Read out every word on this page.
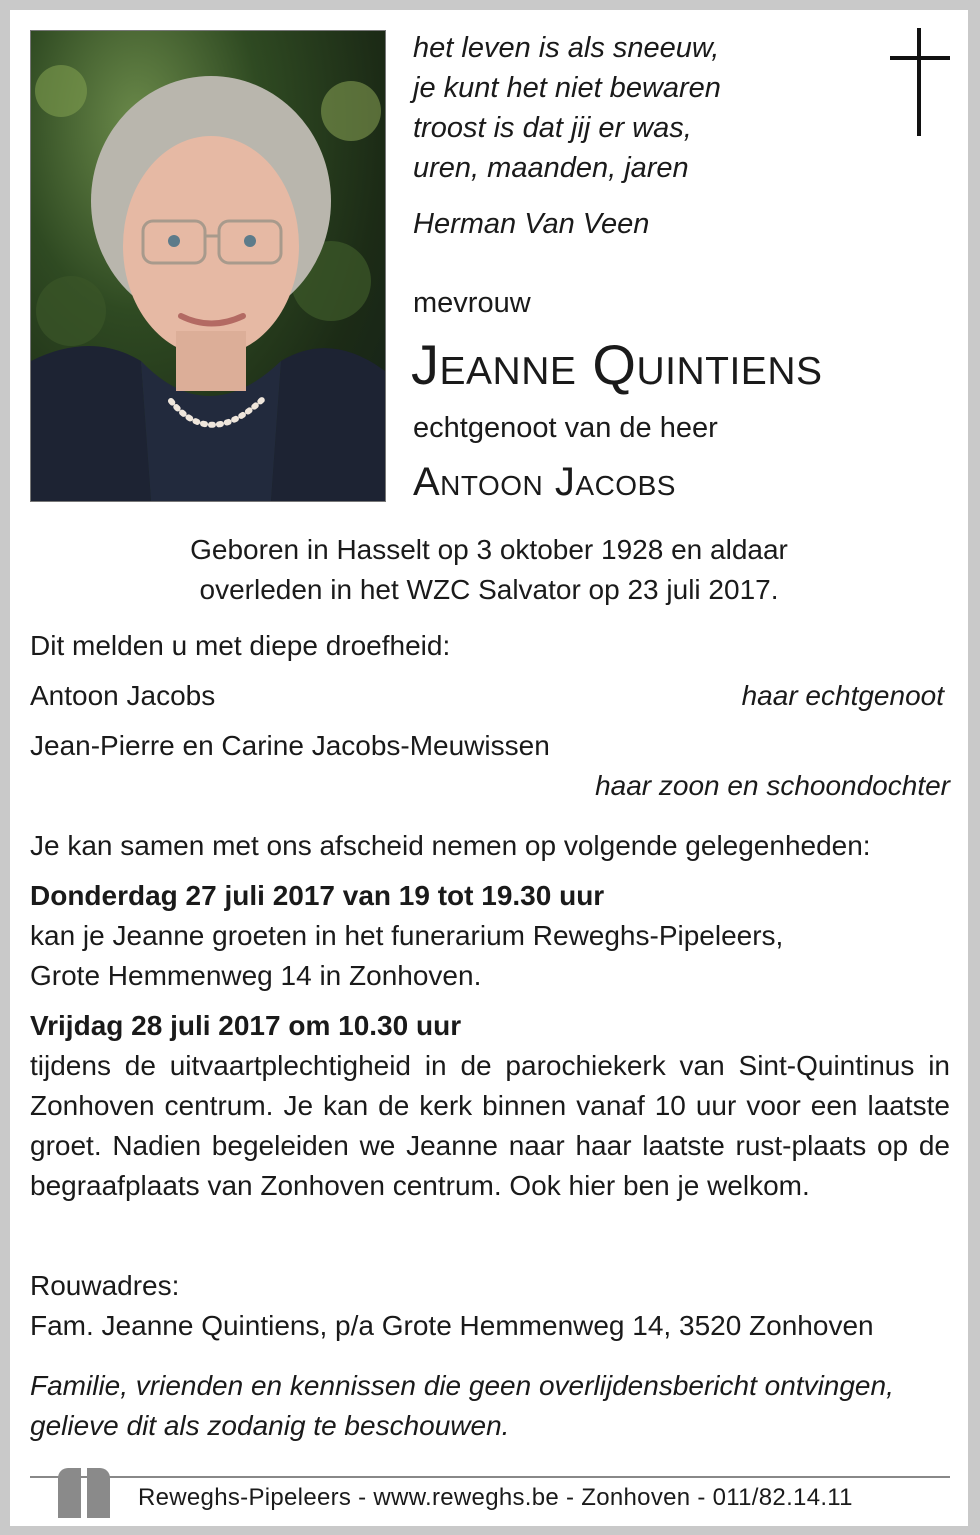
het leven is als sneeuw,
je kunt het niet bewaren
troost is dat jij er was,
uren, maanden, jaren
Herman Van Veen
mevrouw
Jeanne Quintiens
echtgenoot van de heer
Antoon Jacobs
Geboren in Hasselt op 3 oktober 1928 en aldaar
overleden in het WZC Salvator op 23 juli 2017.
Dit melden u met diepe droefheid:
Antoon Jacobs	haar echtgenoot
Jean-Pierre en Carine Jacobs-Meuwissen
haar zoon en schoondochter
Je kan samen met ons afscheid nemen op volgende gelegenheden:
Donderdag 27 juli 2017 van 19 tot 19.30 uur
kan je Jeanne groeten in het funerarium Reweghs-Pipeleers,
Grote Hemmenweg 14 in Zonhoven.
Vrijdag 28 juli 2017 om 10.30 uur
tijdens de uitvaartplechtigheid in de parochiekerk van Sint-Quintinus in Zonhoven centrum. Je kan de kerk binnen vanaf 10 uur voor een laatste groet. Nadien begeleiden we Jeanne naar haar laatste rust-plaats op de begraafplaats van Zonhoven centrum. Ook hier ben je welkom.
Rouwadres:
Fam. Jeanne Quintiens, p/a Grote Hemmenweg 14, 3520 Zonhoven
Familie, vrienden en kennissen die geen overlijdensbericht ontvingen,
gelieve dit als zodanig te beschouwen.
Reweghs-Pipeleers - www.reweghs.be - Zonhoven - 011/82.14.11
